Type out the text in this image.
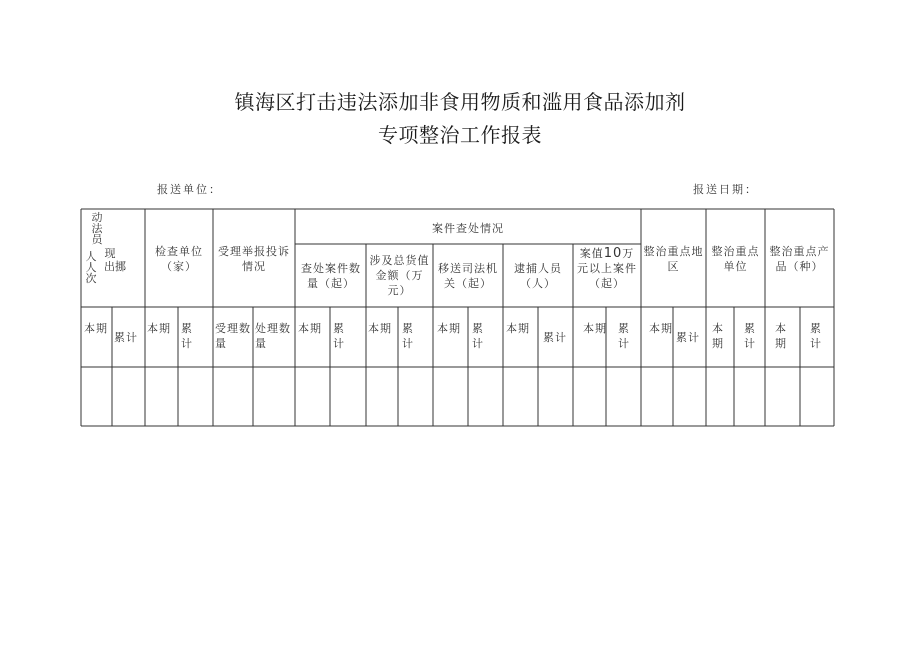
镇海区打击违法添加非食用物质和滥用食品添加剂
专项整治工作报表
报送单位：	报送日期：
动法员
人人次
现
出挪
检查单位（家）
受理举报投诉情况
案件查处情况
查处案件数量（起）
涉及总货值金额（万元）
移送司法机关（起）
逮捕人员（人）
案值10万元以上案件（起）
整治重点地区
整治重点单位
整治重点产品（种）
本期
累计
本期 累计
受理数量
处理数量
本期 累计
本期 累计
本期 累计
本期
累计
本期 累计
本期
累计
本期
累计
本期
累计
